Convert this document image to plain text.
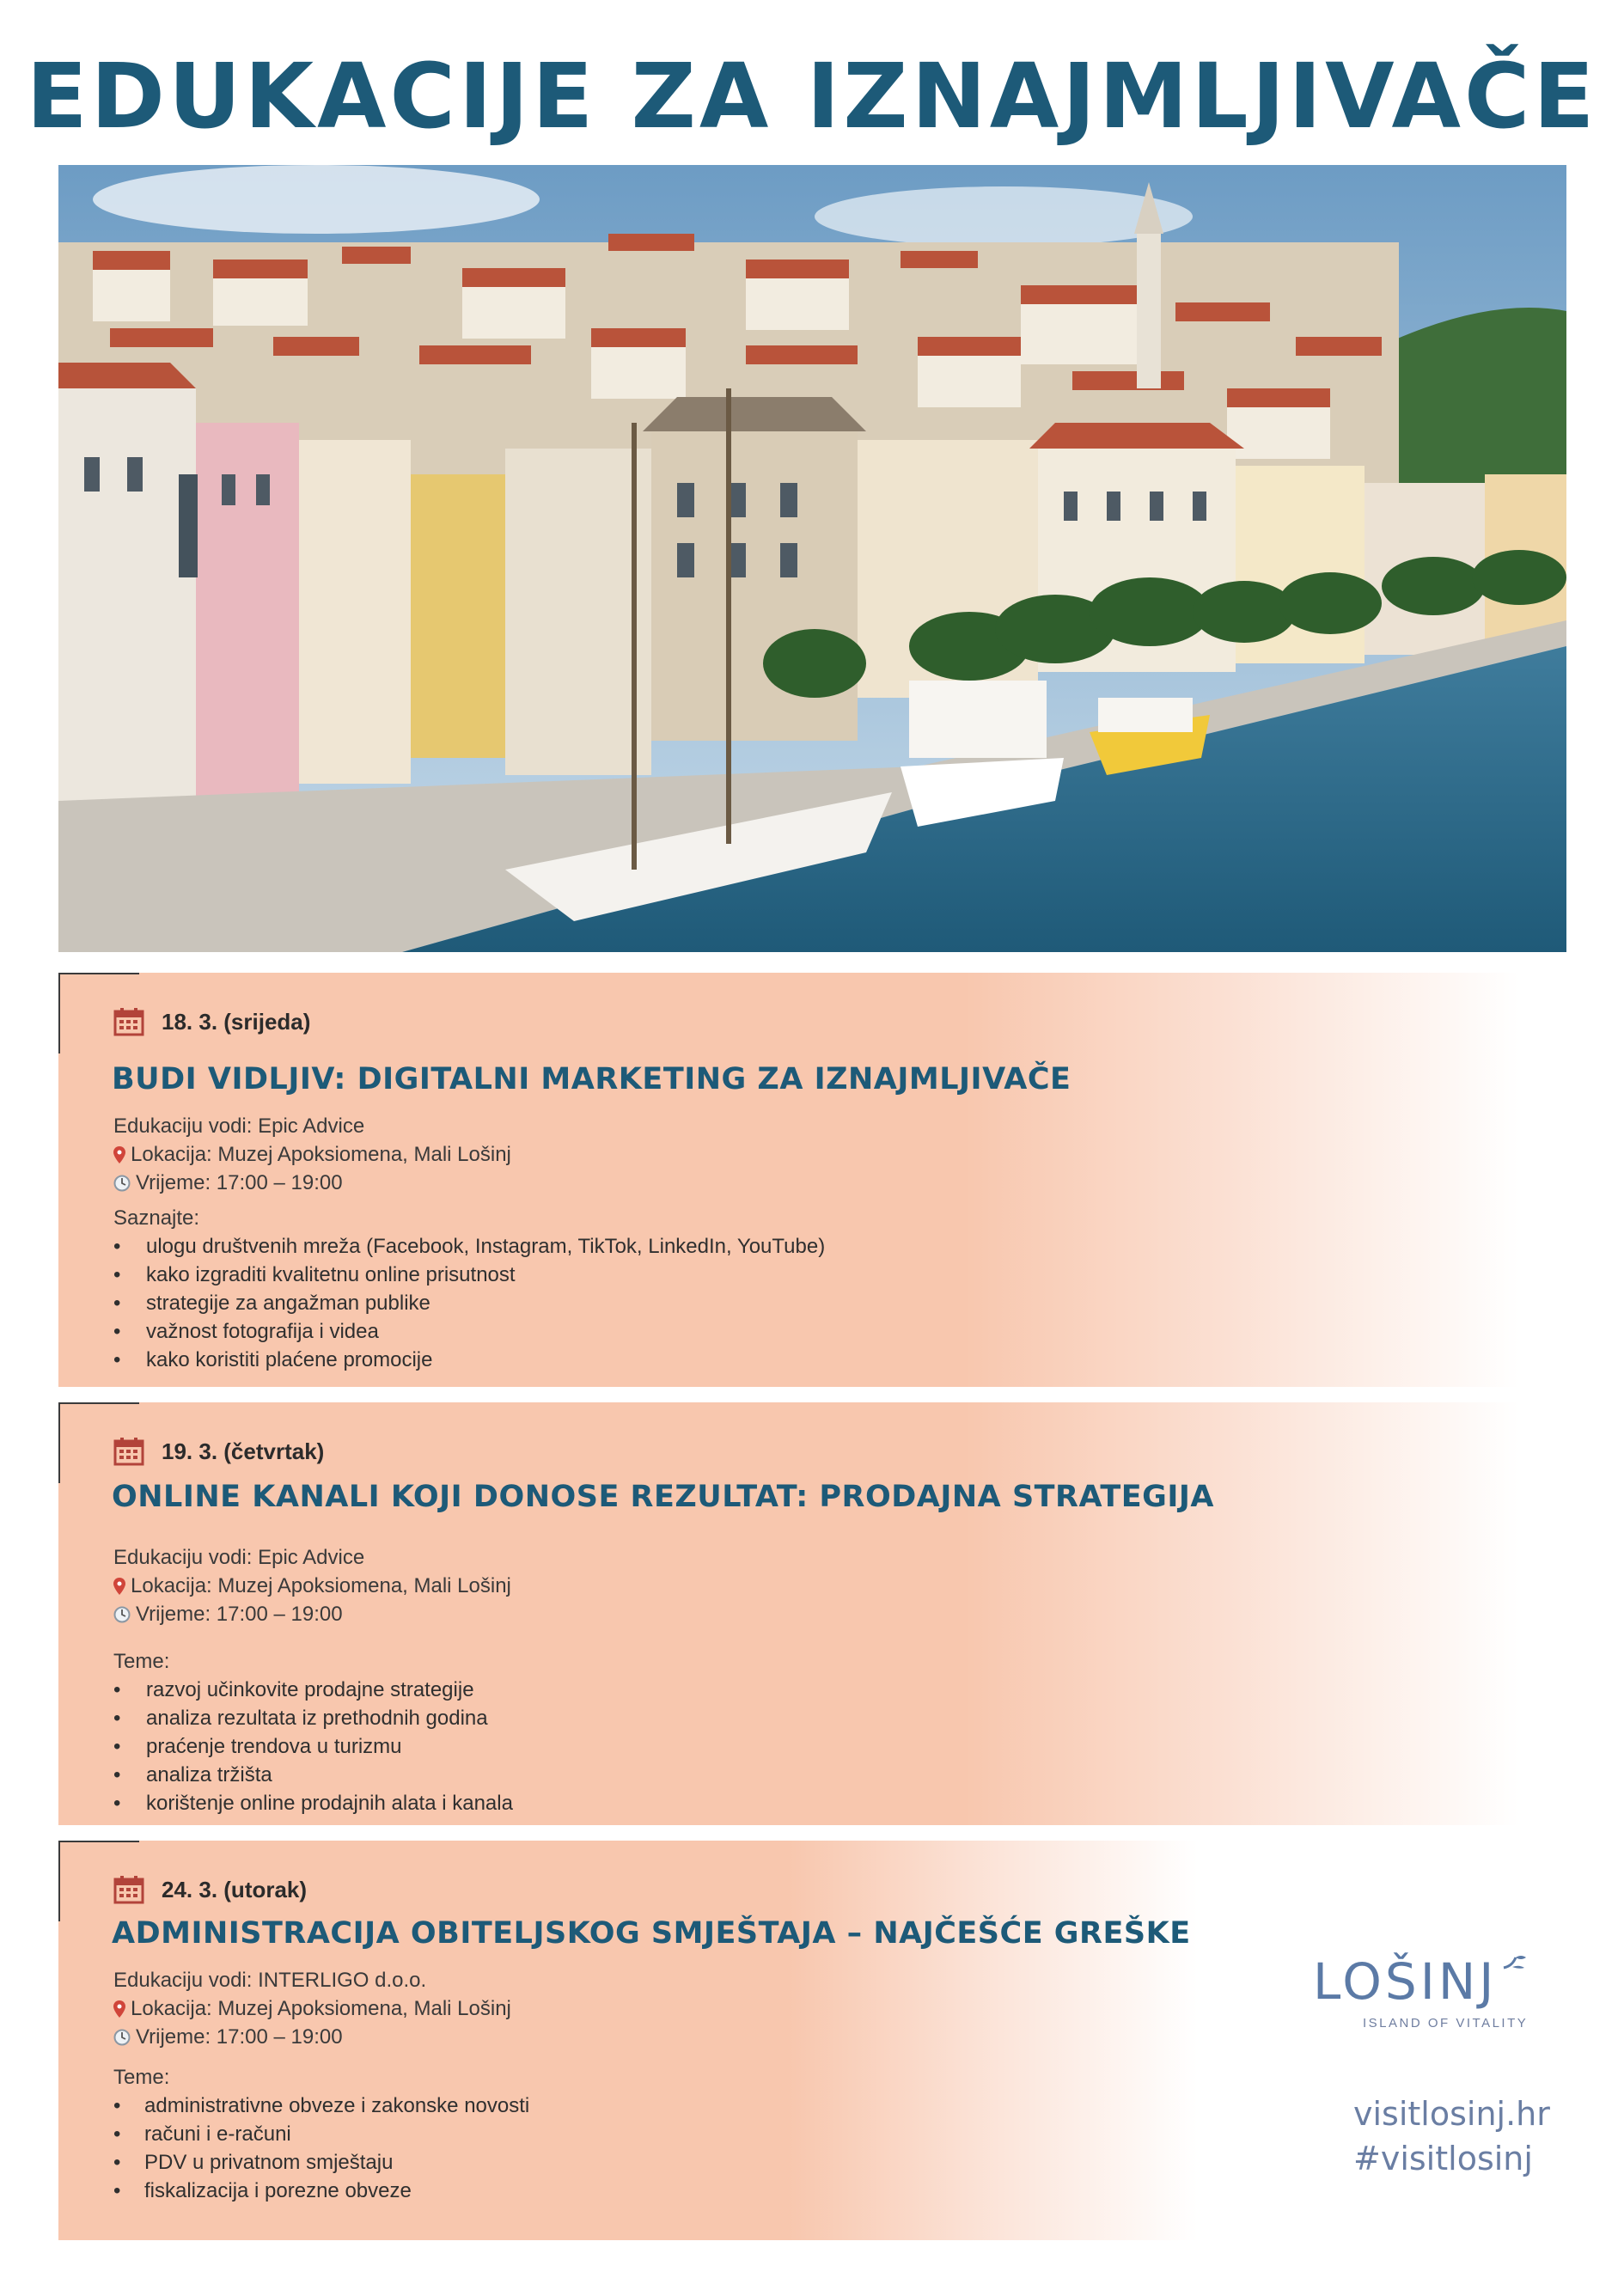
EDUKACIJE ZA IZNAJMLJIVAČE
18. 3. (srijeda)
BUDI VIDLJIV: DIGITALNI MARKETING ZA IZNAJMLJIVAČE
Edukaciju vodi: Epic Advice
Lokacija: Muzej Apoksiomena, Mali Lošinj
Vrijeme: 17:00 – 19:00
Saznajte:
• ulogu društvenih mreža (Facebook, Instagram, TikTok, LinkedIn, YouTube)
• kako izgraditi kvalitetnu online prisutnost
• strategije za angažman publike
• važnost fotografija i videa
• kako koristiti plaćene promocije
19. 3. (četvrtak)
ONLINE KANALI KOJI DONOSE REZULTAT: PRODAJNA STRATEGIJA
Edukaciju vodi: Epic Advice
Lokacija: Muzej Apoksiomena, Mali Lošinj
Vrijeme: 17:00 – 19:00
Teme:
• razvoj učinkovite prodajne strategije
• analiza rezultata iz prethodnih godina
• praćenje trendova u turizmu
• analiza tržišta
• korištenje online prodajnih alata i kanala
24. 3. (utorak)
ADMINISTRACIJA OBITELJSKOG SMJEŠTAJA – NAJČEŠĆE GREŠKE
Edukaciju vodi: INTERLIGO d.o.o.
Lokacija: Muzej Apoksiomena, Mali Lošinj
Vrijeme: 17:00 – 19:00
Teme:
• administrativne obveze i zakonske novosti
• računi i e-računi
• PDV u privatnom smještaju
• fiskalizacija i porezne obveze
LOŠINJ
ISLAND OF VITALITY
visitlosinj.hr
#visitlosinj
